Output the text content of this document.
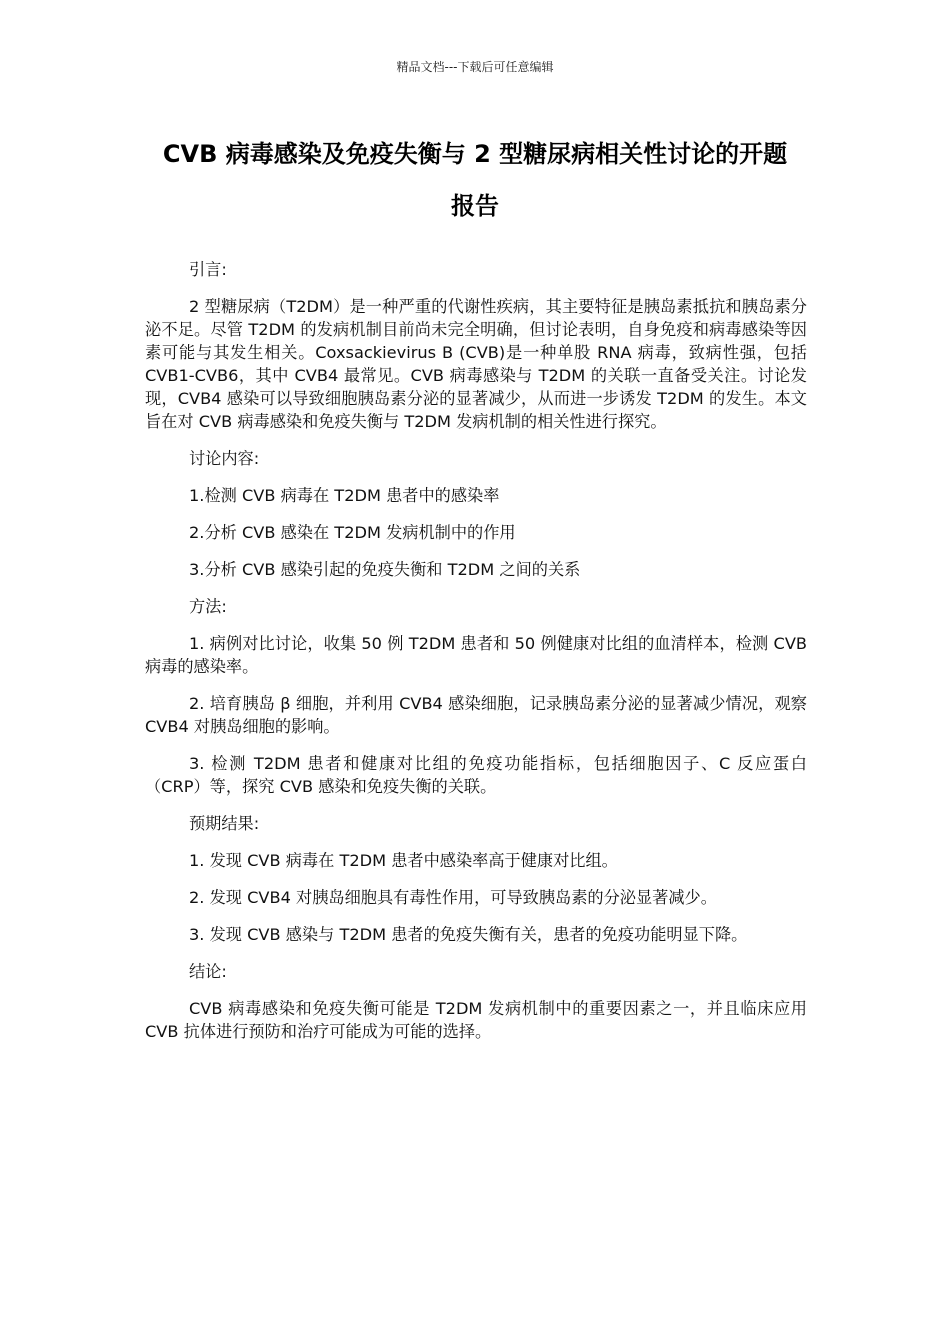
精品文档---下载后可任意编辑
CVB 病毒感染及免疫失衡与 2 型糖尿病相关性讨论的开题
报告

引言:

2 型糖尿病（T2DM）是一种严重的代谢性疾病，其主要特征是胰岛素抵抗和胰岛素分泌不足。尽管 T2DM 的发病机制目前尚未完全明确，但讨论表明，自身免疫和病毒感染等因素可能与其发生相关。Coxsackievirus B (CVB)是一种单股 RNA 病毒，致病性强，包括 CVB1-CVB6，其中 CVB4 最常见。CVB 病毒感染与 T2DM 的关联一直备受关注。讨论发现，CVB4 感染可以导致细胞胰岛素分泌的显著减少，从而进一步诱发 T2DM 的发生。本文旨在对 CVB 病毒感染和免疫失衡与 T2DM 发病机制的相关性进行探究。

讨论内容:

1.检测 CVB 病毒在 T2DM 患者中的感染率

2.分析 CVB 感染在 T2DM 发病机制中的作用

3.分析 CVB 感染引起的免疫失衡和 T2DM 之间的关系

方法:

1. 病例对比讨论，收集 50 例 T2DM 患者和 50 例健康对比组的血清样本，检测 CVB 病毒的感染率。

2. 培育胰岛 β 细胞，并利用 CVB4 感染细胞，记录胰岛素分泌的显著减少情况，观察 CVB4 对胰岛细胞的影响。

3. 检测 T2DM 患者和健康对比组的免疫功能指标，包括细胞因子、C 反应蛋白（CRP）等，探究 CVB 感染和免疫失衡的关联。

预期结果:

1. 发现 CVB 病毒在 T2DM 患者中感染率高于健康对比组。

2. 发现 CVB4 对胰岛细胞具有毒性作用，可导致胰岛素的分泌显著减少。

3. 发现 CVB 感染与 T2DM 患者的免疫失衡有关，患者的免疫功能明显下降。

结论:

CVB 病毒感染和免疫失衡可能是 T2DM 发病机制中的重要因素之一，并且临床应用 CVB 抗体进行预防和治疗可能成为可能的选择。
